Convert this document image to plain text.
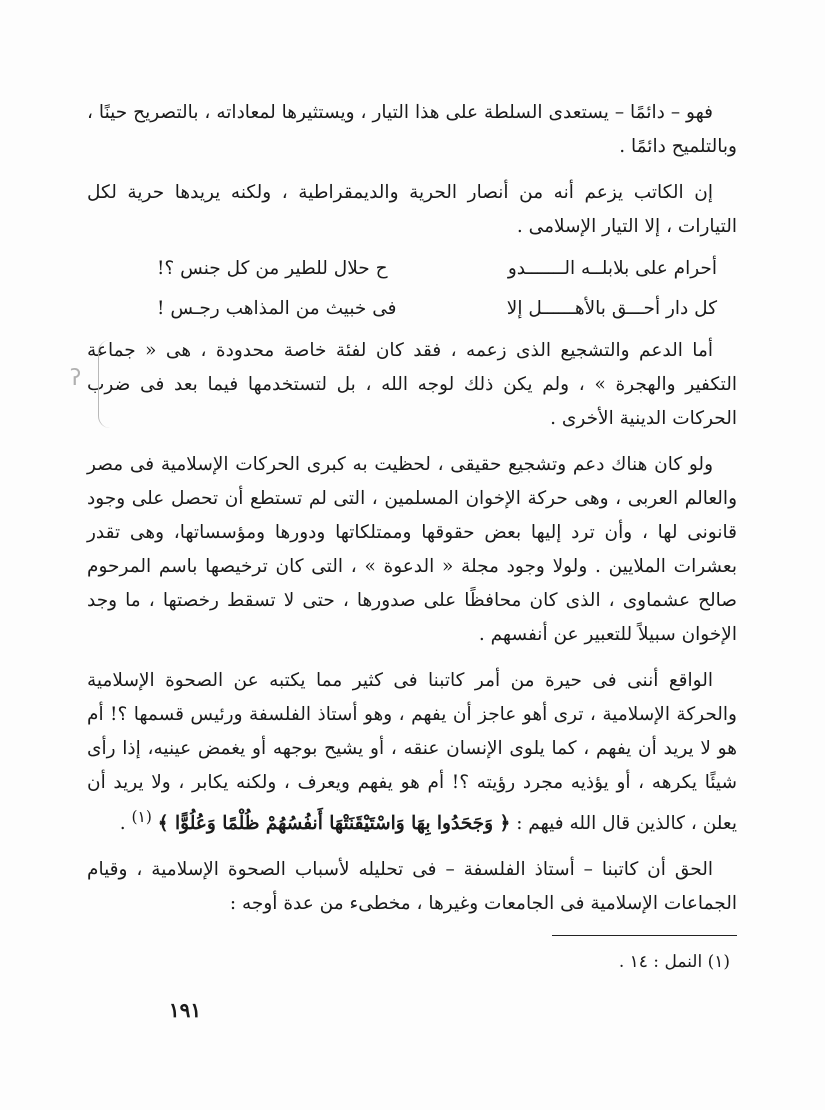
فهو – دائمًا – يستعدى السلطة على هذا التيار ، ويستثيرها لمعاداته ، بالتصريح حينًا ، وبالتلميح دائمًا .

إن الكاتب يزعم أنه من أنصار الحرية والديمقراطية ، ولكنه يريدها حرية لكل التيارات ، إلا التيار الإسلامى .

أحرام على بلابلــه الـــــــدو
ح حلال للطير من كل جنس ؟!
كل دار أحـــق بالأهــــــل إلا
فى خبيث من المذاهب رجـس !

أما الدعم والتشجيع الذى زعمه ، فقد كان لفئة خاصة محدودة ، هى « جماعة التكفير والهجرة » ، ولم يكن ذلك لوجه الله ، بل لتستخدمها فيما بعد فى ضرب الحركات الدينية الأخرى .

ولو كان هناك دعم وتشجيع حقيقى ، لحظيت به كبرى الحركات الإسلامية فى مصر والعالم العربى ، وهى حركة الإخوان المسلمين ، التى لم تستطع أن تحصل على وجود قانونى لها ، وأن ترد إليها بعض حقوقها وممتلكاتها ودورها ومؤسساتها، وهى تقدر بعشرات الملايين . ولولا وجود مجلة « الدعوة » ، التى كان ترخيصها باسم المرحوم صالح عشماوى ، الذى كان محافظًا على صدورها ، حتى لا تسقط رخصتها ، ما وجد الإخوان سبيلاً للتعبير عن أنفسهم .

الواقع أننى فى حيرة من أمر كاتبنا فى كثير مما يكتبه عن الصحوة الإسلامية والحركة الإسلامية ، ترى أهو عاجز أن يفهم ، وهو أستاذ الفلسفة ورئيس قسمها ؟! أم هو لا يريد أن يفهم ، كما يلوى الإنسان عنقه ، أو يشيح بوجهه أو يغمض عينيه، إذا رأى شيئًا يكرهه ، أو يؤذيه مجرد رؤيته ؟! أم هو يفهم ويعرف ، ولكنه يكابر ، ولا يريد أن يعلن ، كالذين قال الله فيهم : ﴿ وَجَحَدُوا بِهَا وَاسْتَيْقَنَتْهَا أَنفُسُهُمْ ظُلْمًا وَعُلُوًّا ﴾ $^{(١)}$ .

الحق أن كاتبنا – أستاذ الفلسفة – فى تحليله لأسباب الصحوة الإسلامية ، وقيام الجماعات الإسلامية فى الجامعات وغيرها ، مخطىء من عدة أوجه :

(١) النمل : ١٤ .
١٩١
ʔ
